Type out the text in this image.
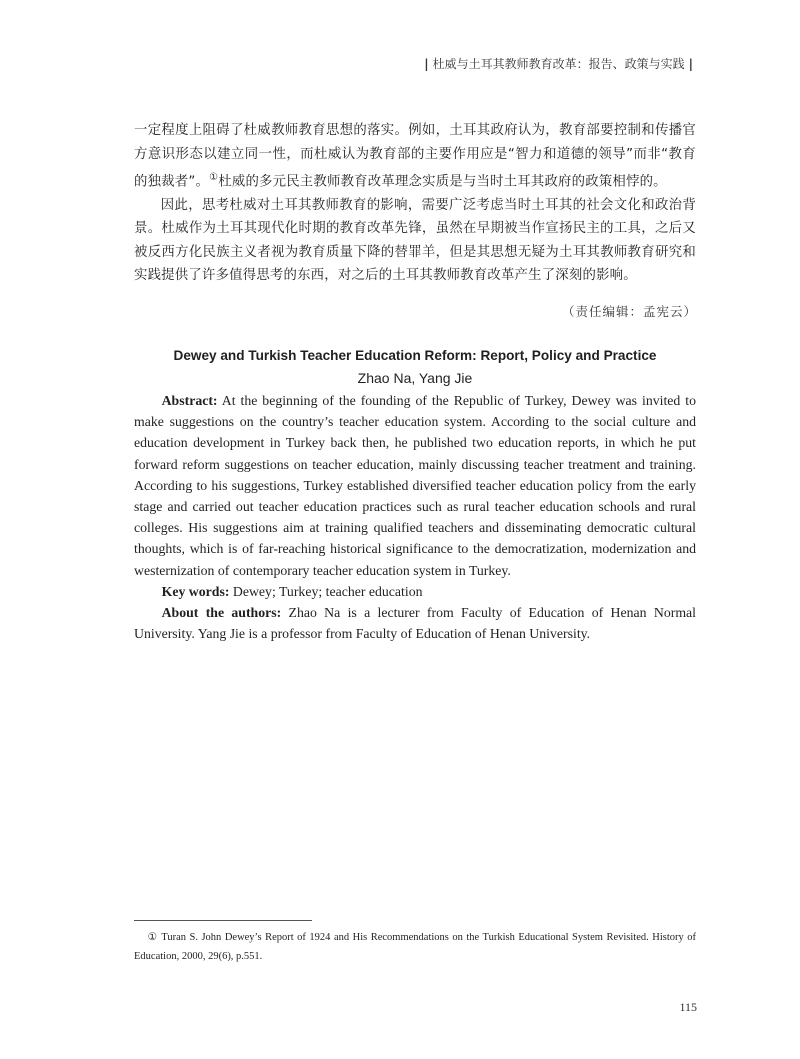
| 杜威与土耳其教师教育改革：报告、政策与实践 |

一定程度上阻碍了杜威教师教育思想的落实。例如，土耳其政府认为，教育部要控制和传播官方意识形态以建立同一性，而杜威认为教育部的主要作用应是“智力和道德的领导”而非“教育的独裁者”。①杜威的多元民主教师教育改革理念实质是与当时土耳其政府的政策相悖的。

因此，思考杜威对土耳其教师教育的影响，需要广泛考虑当时土耳其的社会文化和政治背景。杜威作为土耳其现代化时期的教育改革先锋，虽然在早期被当作宣扬民主的工具，之后又被反西方化民族主义者视为教育质量下降的替罪羊，但是其思想无疑为土耳其教师教育研究和实践提供了许多值得思考的东西，对之后的土耳其教师教育改革产生了深刻的影响。

（责任编辑：孟宪云）
Dewey and Turkish Teacher Education Reform: Report, Policy and Practice
Zhao Na, Yang Jie

Abstract: At the beginning of the founding of the Republic of Turkey, Dewey was invited to make suggestions on the country’s teacher education system. According to the social culture and education development in Turkey back then, he published two education reports, in which he put forward reform suggestions on teacher education, mainly discussing teacher treatment and training. According to his suggestions, Turkey established diversified teacher education policy from the early stage and carried out teacher education practices such as rural teacher education schools and rural colleges. His suggestions aim at training qualified teachers and disseminating democratic cultural thoughts, which is of far-reaching historical significance to the democratization, modernization and westernization of contemporary teacher education system in Turkey.

Key words: Dewey; Turkey; teacher education

About the authors: Zhao Na is a lecturer from Faculty of Education of Henan Normal University. Yang Jie is a professor from Faculty of Education of Henan University.

① Turan S. John Dewey’s Report of 1924 and His Recommendations on the Turkish Educational System Revisited. History of Education, 2000, 29(6), p.551.

115
